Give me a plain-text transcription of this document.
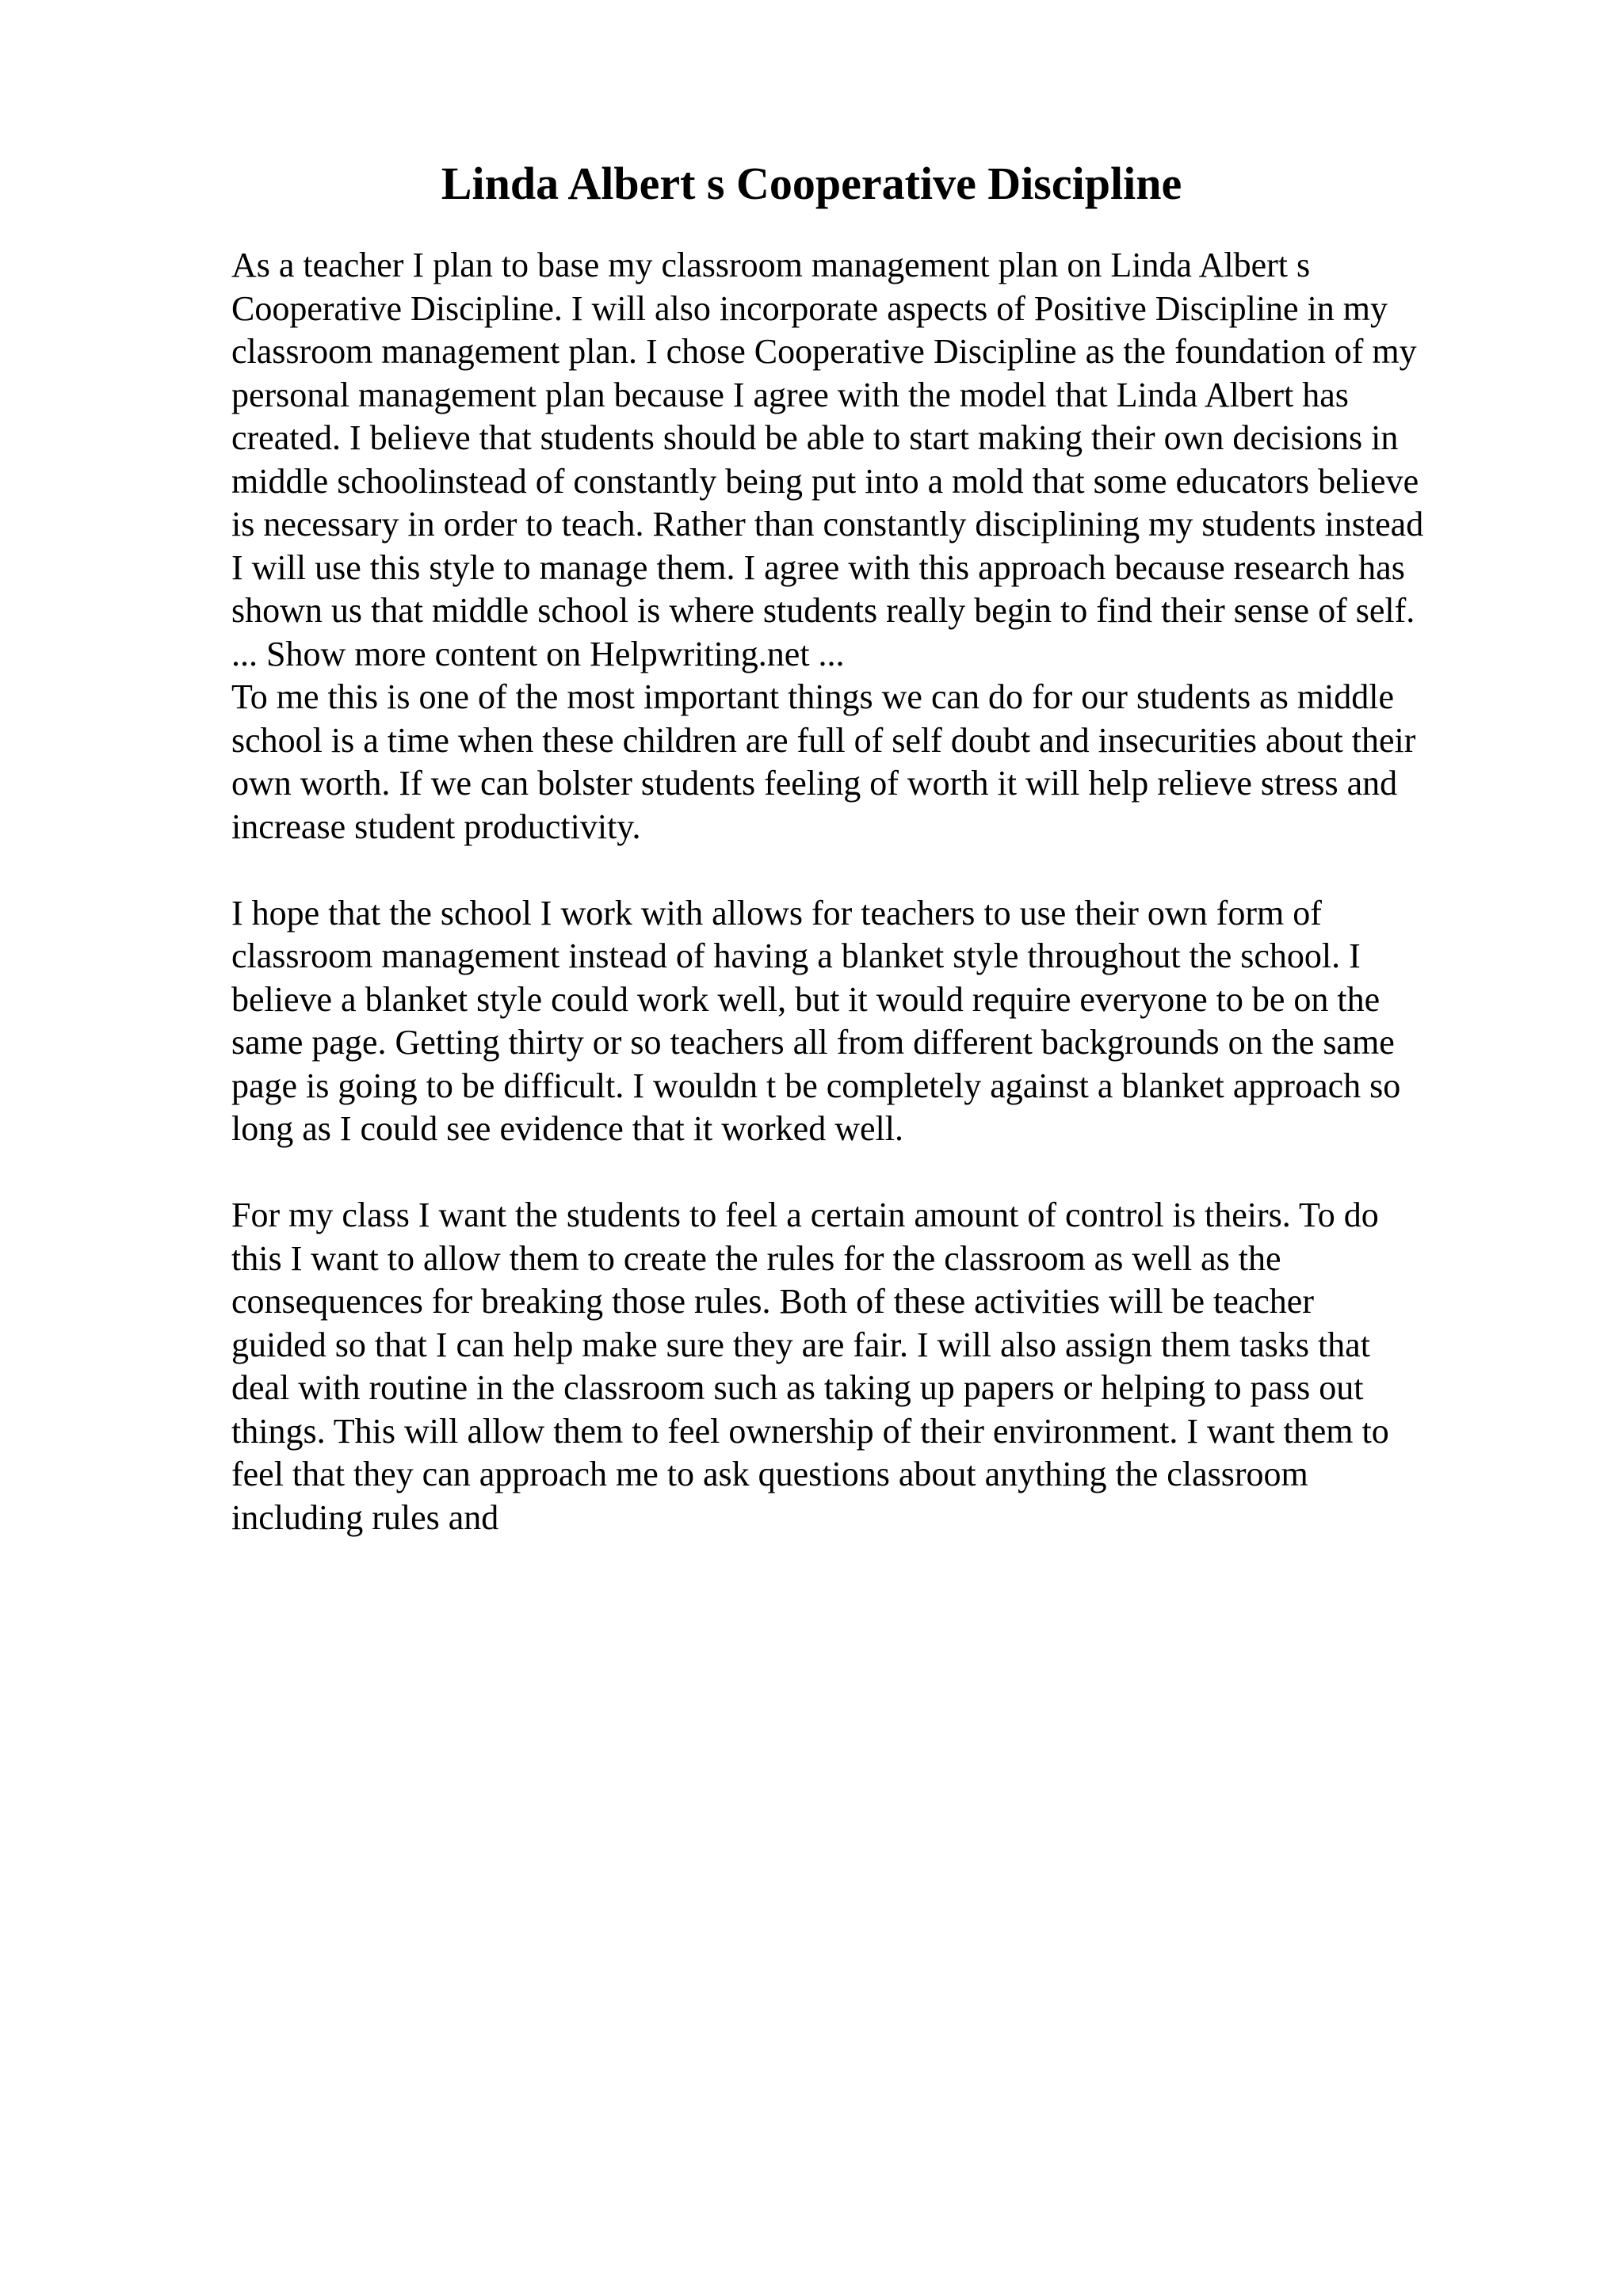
Linda Albert s Cooperative Discipline
As a teacher I plan to base my classroom management plan on Linda Albert s
Cooperative Discipline. I will also incorporate aspects of Positive Discipline in my
classroom management plan. I chose Cooperative Discipline as the foundation of my
personal management plan because I agree with the model that Linda Albert has
created. I believe that students should be able to start making their own decisions in
middle schoolinstead of constantly being put into a mold that some educators believe
is necessary in order to teach. Rather than constantly disciplining my students instead
I will use this style to manage them. I agree with this approach because research has
shown us that middle school is where students really begin to find their sense of self.
... Show more content on Helpwriting.net ...
To me this is one of the most important things we can do for our students as middle
school is a time when these children are full of self doubt and insecurities about their
own worth. If we can bolster students feeling of worth it will help relieve stress and
increase student productivity.
I hope that the school I work with allows for teachers to use their own form of
classroom management instead of having a blanket style throughout the school. I
believe a blanket style could work well, but it would require everyone to be on the
same page. Getting thirty or so teachers all from different backgrounds on the same
page is going to be difficult. I wouldn t be completely against a blanket approach so
long as I could see evidence that it worked well.
For my class I want the students to feel a certain amount of control is theirs. To do
this I want to allow them to create the rules for the classroom as well as the
consequences for breaking those rules. Both of these activities will be teacher
guided so that I can help make sure they are fair. I will also assign them tasks that
deal with routine in the classroom such as taking up papers or helping to pass out
things. This will allow them to feel ownership of their environment. I want them to
feel that they can approach me to ask questions about anything the classroom
including rules and
